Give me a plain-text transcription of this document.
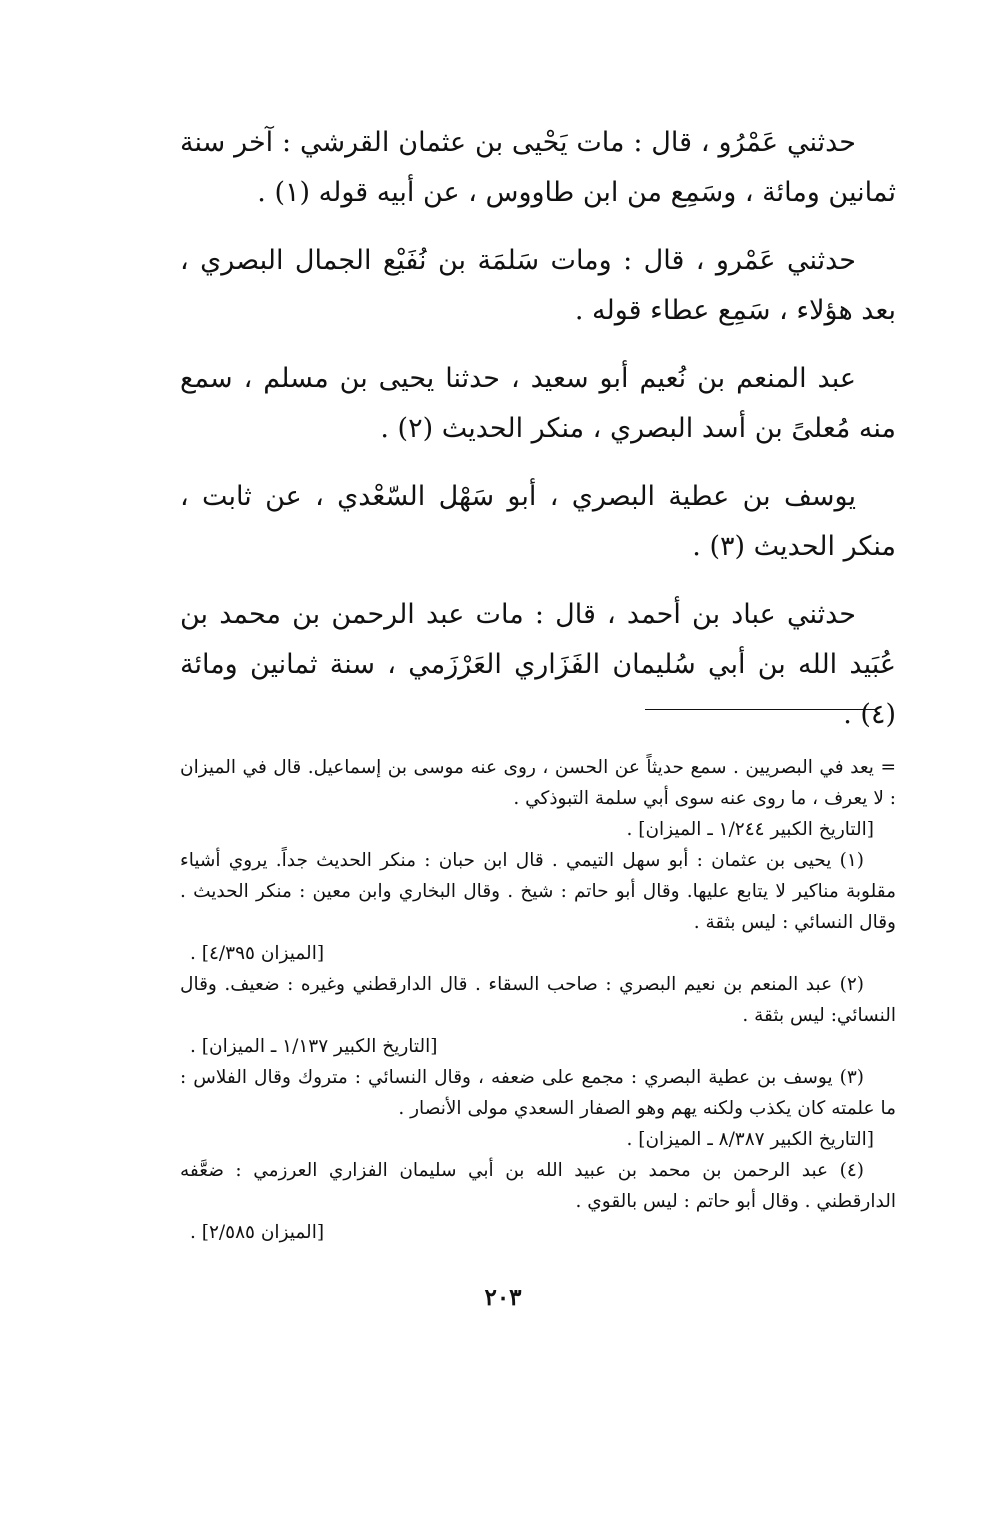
حدثني عَمْرُو ، قال : مات يَحْيى بن عثمان القرشي : آخر سنة ثمانين ومائة ، وسَمِع من ابن طاووس ، عن أبيه قوله (١) .

حدثني عَمْرو ، قال : ومات سَلمَة بن نُفَيْع الجمال البصري ، بعد هؤلاء ، سَمِع عطاء قوله .

عبد المنعم بن نُعيم أبو سعيد ، حدثنا يحيى بن مسلم ، سمع منه مُعلىً بن أسد البصري ، منكر الحديث (٢) .

يوسف بن عطية البصري ، أبو سَهْل السّعْدي ، عن ثابت ، منكر الحديث (٣) .

حدثني عباد بن أحمد ، قال : مات عبد الرحمن بن محمد بن عُبَيد الله بن أبي سُليمان الفَزَاري العَرْزَمي ، سنة ثمانين ومائة (٤) .

= يعد في البصريين . سمع حديثاً عن الحسن ، روى عنه موسى بن إسماعيل. قال في الميزان : لا يعرف ، ما روى عنه سوى أبي سلمة التبوذكي .

[التاريخ الكبير ١/٢٤٤ ـ الميزان] .

(١) يحيى بن عثمان : أبو سهل التيمي . قال ابن حبان : منكر الحديث جداً. يروي أشياء مقلوبة مناكير لا يتابع عليها. وقال أبو حاتم : شيخ . وقال البخاري وابن معين : منكر الحديث . وقال النسائي : ليس بثقة .

[الميزان ٤/٣٩٥] .

(٢) عبد المنعم بن نعيم البصري : صاحب السقاء . قال الدارقطني وغيره : ضعيف. وقال النسائي: ليس بثقة .

[التاريخ الكبير ١/١٣٧ ـ الميزان] .

(٣) يوسف بن عطية البصري : مجمع على ضعفه ، وقال النسائي : متروك وقال الفلاس : ما علمته كان يكذب ولكنه يهم وهو الصفار السعدي مولى الأنصار .

[التاريخ الكبير ٨/٣٨٧ ـ الميزان] .

(٤) عبد الرحمن بن محمد بن عبيد الله بن أبي سليمان الفزاري العرزمي : ضعَّفه الدارقطني . وقال أبو حاتم : ليس بالقوي .

[الميزان ٢/٥٨٥] .

٢٠٣
